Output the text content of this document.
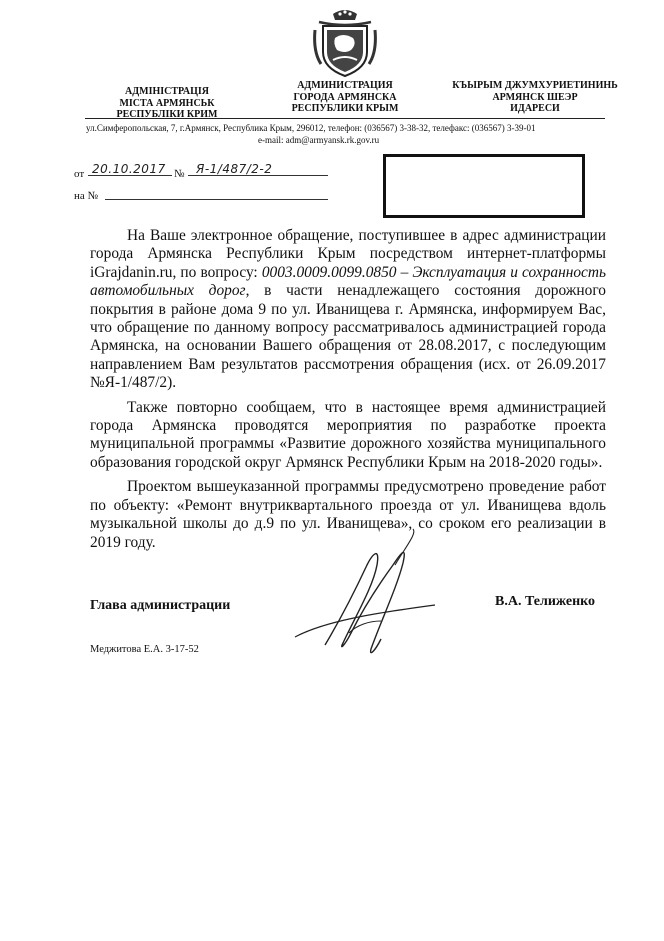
АДМІНІСТРАЦІЯ
МІСТА АРМЯНСЬК
РЕСПУБЛІКИ КРИМ
АДМИНИСТРАЦИЯ
ГОРОДА АРМЯНСКА
РЕСПУБЛИКИ КРЫМ
КЪЫРЫМ ДЖУМХУРИЕТИНИНЬ
АРМЯНСК ШЕЭР
ИДАРЕСИ
ул.Симферопольская, 7, г.Армянск, Республика Крым, 296012, телефон: (036567) 3-38-32, телефакс: (036567) 3-39-01
e-mail: adm@armyansk.rk.gov.ru
от 20.10.2017 № Я-1/487/2-2
на №

На Ваше электронное обращение, поступившее в адрес администрации города Армянска Республики Крым посредством интернет-платформы iGrajdanin.ru, по вопросу: 0003.0009.0099.0850 – Эксплуатация и сохранность автомобильных дорог, в части ненадлежащего состояния дорожного покрытия в районе дома 9 по ул. Иванищева г. Армянска, информируем Вас, что обращение по данному вопросу рассматривалось администрацией города Армянска, на основании Вашего обращения от 28.08.2017, с последующим направлением Вам результатов рассмотрения обращения (исх. от 26.09.2017 №Я-1/487/2).

Также повторно сообщаем, что в настоящее время администрацией города Армянска проводятся мероприятия по разработке проекта муниципальной программы «Развитие дорожного хозяйства муниципального образования городской округ Армянск Республики Крым на 2018-2020 годы».

Проектом вышеуказанной программы предусмотрено проведение работ по объекту: «Ремонт внутриквартального проезда от ул. Иванищева вдоль музыкальной школы до д.9 по ул. Иванищева», со сроком его реализации в 2019 году.

Глава администрации	В.А. Телиженко
Меджитова Е.А. 3-17-52
